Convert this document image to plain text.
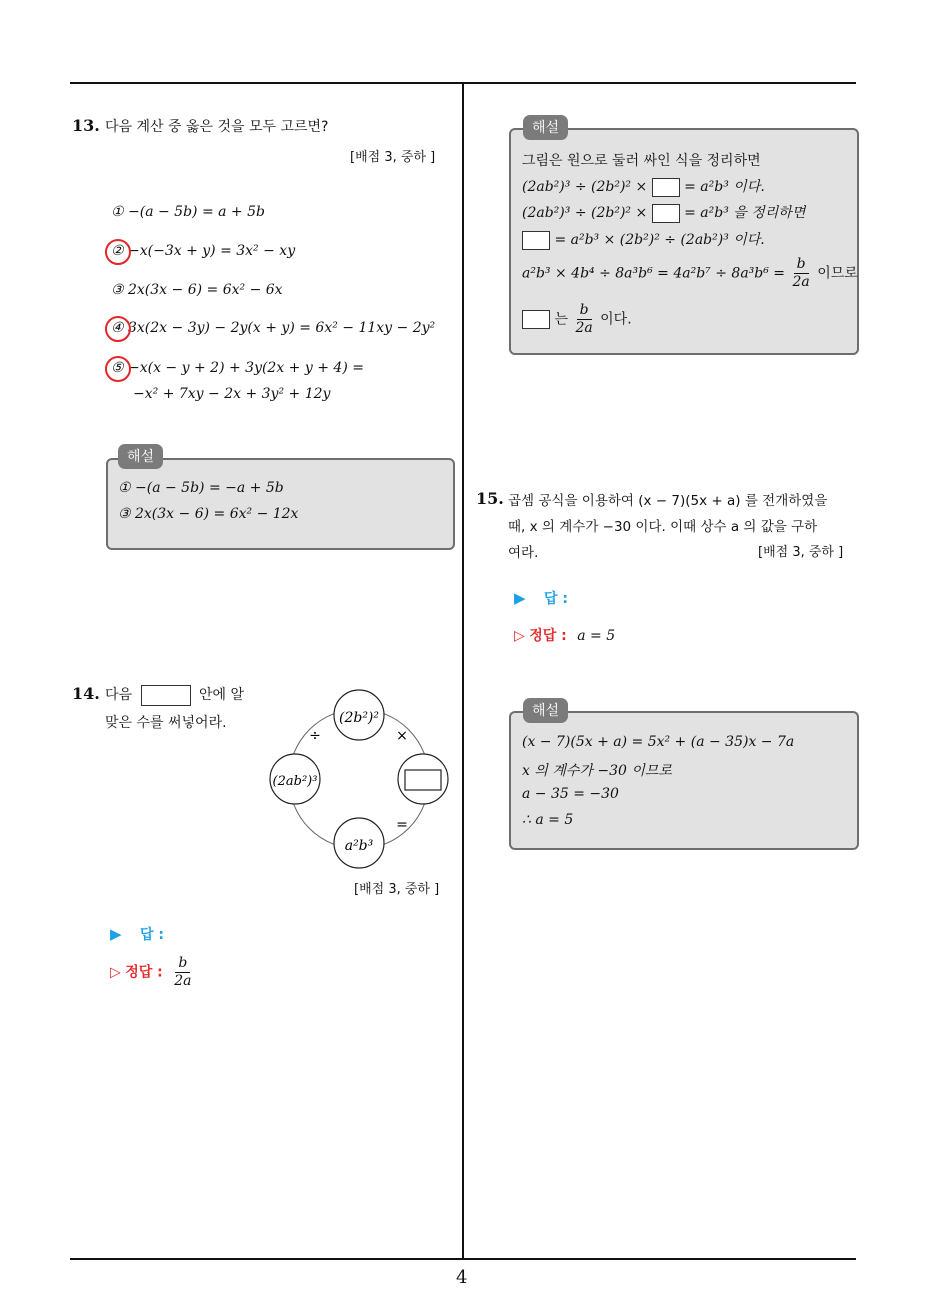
4
13. 다음 계산 중 옳은 것을 모두 고르면?
[배점 3, 중하 ]
① −(a − 5b) = a + 5b
② −x(−3x + y) = 3x² − xy
③ 2x(3x − 6) = 6x² − 6x
④ 3x(2x − 3y) − 2y(x + y) = 6x² − 11xy − 2y²
⑤ −x(x − y + 2) + 3y(2x + y + 4) =
−x² + 7xy − 2x + 3y² + 12y
해설
① −(a − 5b) = −a + 5b
③ 2x(3x − 6) = 6x² − 12x
14. 다음	안에 알
맞은 수를 써넣어라.	(2b²)²
(2ab²)³
a²b³
÷	×
=
[배점 3, 중하 ]
▶ 답 :
▷ 정답 : $\frac{b}{2a}$
해설
그림은 원으로 둘러 싸인 식을 정리하면
(2ab²)³ ÷ (2b²)² ×	= a²b³ 이다.
(2ab²)³ ÷ (2b²)² ×	= a²b³ 을 정리하면
= a²b³ × (2b²)² ÷ (2ab²)³ 이다.
$a^2b^3 \times 4b^4 \div 8a^3b^6 = 4a^2b^7 \div 8a^3b^6 = \frac{b}{2a}$ 이므로
는 $\frac{b}{2a}$ 이다.
15. 곱셈 공식을 이용하여 (x − 7)(5x + a) 를 전개하였을
때, x 의 계수가 −30 이다. 이때 상수 a 의 값을 구하
여라.	[배점 3, 중하 ]
▶ 답 :
▷ 정답 : a = 5
해설
(x − 7)(5x + a) = 5x² + (a − 35)x − 7a
x 의 계수가 −30 이므로
a − 35 = −30
∴ a = 5
